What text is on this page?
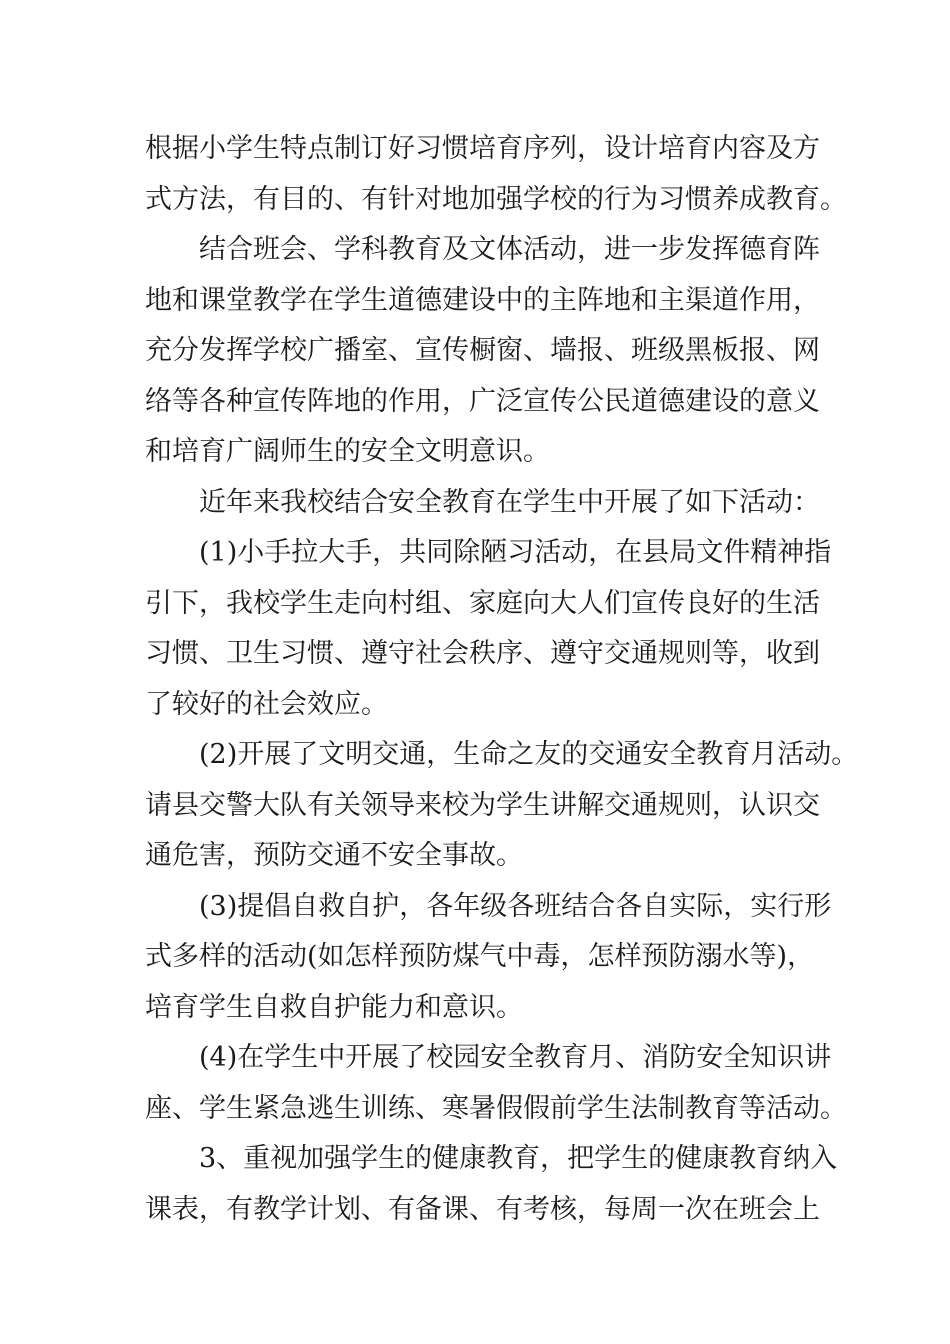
根据小学生特点制订好习惯培育序列，设计培育内容及方
式方法，有目的、有针对地加强学校的行为习惯养成教育。
结合班会、学科教育及文体活动，进一步发挥德育阵
地和课堂教学在学生道德建设中的主阵地和主渠道作用，
充分发挥学校广播室、宣传橱窗、墙报、班级黑板报、网
络等各种宣传阵地的作用，广泛宣传公民道德建设的意义
和培育广阔师生的安全文明意识。
近年来我校结合安全教育在学生中开展了如下活动：
(1)小手拉大手，共同除陋习活动，在县局文件精神指
引下，我校学生走向村组、家庭向大人们宣传良好的生活
习惯、卫生习惯、遵守社会秩序、遵守交通规则等，收到
了较好的社会效应。
(2)开展了文明交通，生命之友的交通安全教育月活动。
请县交警大队有关领导来校为学生讲解交通规则，认识交
通危害，预防交通不安全事故。
(3)提倡自救自护，各年级各班结合各自实际，实行形
式多样的活动(如怎样预防煤气中毒，怎样预防溺水等)，
培育学生自救自护能力和意识。
(4)在学生中开展了校园安全教育月、消防安全知识讲
座、学生紧急逃生训练、寒暑假假前学生法制教育等活动。
3、重视加强学生的健康教育，把学生的健康教育纳入
课表，有教学计划、有备课、有考核，每周一次在班会上
